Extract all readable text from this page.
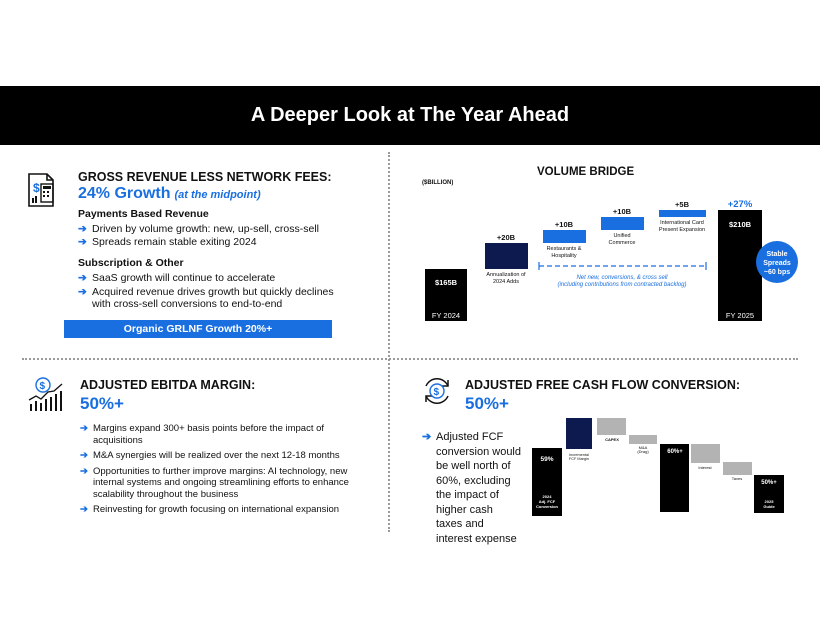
A Deeper Look at The Year Ahead
$
GROSS REVENUE LESS NETWORK FEES:
24% Growth (at the midpoint)
Payments Based Revenue
➔ Driven by volume growth: new, up-sell, cross-sell
➔ Spreads remain stable exiting 2024
Subscription & Other
➔ SaaS growth will continue to accelerate
➔ Acquired revenue drives growth but quickly declines with cross-sell conversions to end-to-end
Organic GRLNF Growth 20%+
VOLUME BRIDGE
($BILLION)
$165B
FY 2024
+20B
Annualization of
2024 Adds
+10B
Restaurants &
Hospitality
+10B
Unified
Commerce
+5B
International Card
Present Expansion
+27%
$210B
FY 2025
Net new, conversions, & cross sell
(including contributions from contracted backlog)
Stable
Spreads
~60 bps
$	ADJUSTED EBITDA MARGIN:
50%+
➔ Margins expand 300+ basis points before the impact of acquisitions
➔ M&A synergies will be realized over the next 12-18 months
➔ Opportunities to further improve margins: AI technology, new internal systems and ongoing streamlining efforts to enhance scalability throughout the business
➔ Reinvesting for growth focusing on international expansion
$
ADJUSTED FREE CASH FLOW CONVERSION:
50%+
➔ Adjusted FCF conversion would be well north of 60%, excluding the impact of higher cash taxes and interest expense
59%
2024
Adj. FCF
Conversion
Incremental
FCF Margin
CAPEX
M&A
(Drag)	60%+
Interest
Taxes
50%+
2025
Guide
